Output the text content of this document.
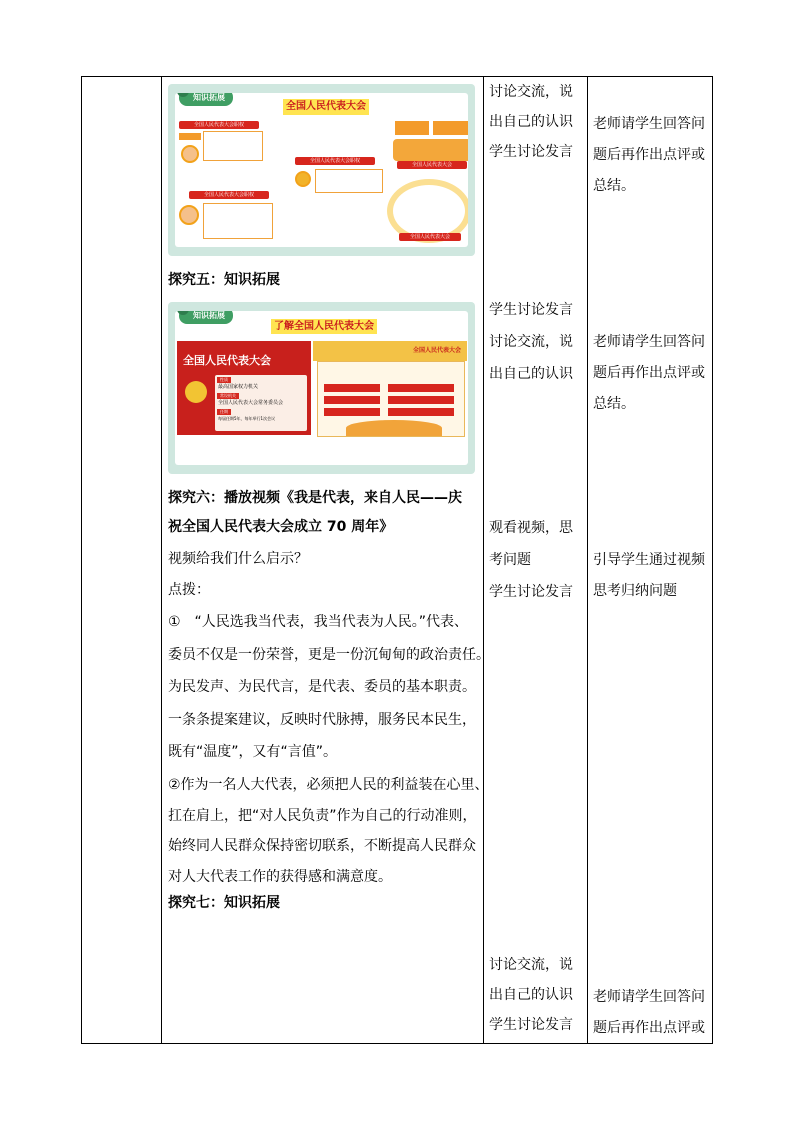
知识拓展
全国人民代表大会
全国人民代表大会职权
全国人民代表大会职权
全国人民代表大会职权
全国人民代表大会
全国人民代表大会
探究五：知识拓展
知识拓展
了解全国人民代表大会
全国人民代表大会
性质
最高国家权力机关
常设机关
全国人民代表大会常务委员会
任期
每届任期5年，每年举行1次会议
全国人民代表大会
探究六：播放视频《我是代表，来自人民——庆
祝全国人民代表大会成立 70 周年》
视频给我们什么启示？
点拨：
①　“人民选我当代表，我当代表为人民。”代表、
委员不仅是一份荣誉，更是一份沉甸甸的政治责任。
为民发声、为民代言，是代表、委员的基本职责。
一条条提案建议，反映时代脉搏，服务民本民生，
既有“温度”，又有“言值”。
②作为一名人大代表，必须把人民的利益装在心里、
扛在肩上，把“对人民负责”作为自己的行动准则，
始终同人民群众保持密切联系，不断提高人民群众
对人大代表工作的获得感和满意度。
探究七：知识拓展
讨论交流，说
出自己的认识
学生讨论发言
学生讨论发言
讨论交流，说
出自己的认识
观看视频，思
考问题
学生讨论发言
讨论交流，说
出自己的认识
学生讨论发言
老师请学生回答问
题后再作出点评或
总结。
老师请学生回答问
题后再作出点评或
总结。
引导学生通过视频
思考归纳问题
老师请学生回答问
题后再作出点评或
